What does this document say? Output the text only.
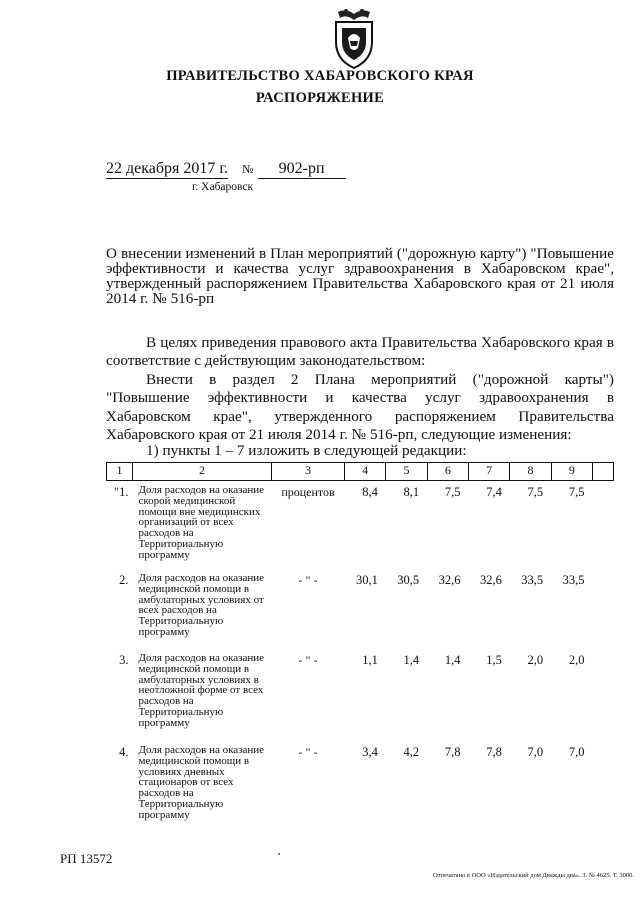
ПРАВИТЕЛЬСТВО ХАБАРОВСКОГО КРАЯ
РАСПОРЯЖЕНИЕ
22 декабря 2017 г. № 902-рп
г. Хабаровск
О внесении изменений в План мероприятий ("дорожную карту") "Повышение эффективности и качества услуг здравоохранения в Хабаровском крае", утвержденный распоряжением Правительства Хабаровского края от 21 июля 2014 г. № 516-рп
В целях приведения правового акта Правительства Хабаровского края в соответствие с действующим законодательством:
Внести в раздел 2 Плана мероприятий ("дорожной карты") "Повышение эффективности и качества услуг здравоохранения в Хабаровском крае", утвержденного распоряжением Правительства Хабаровского края от 21 июля 2014 г. № 516-рп, следующие изменения:
1) пункты 1 – 7 изложить в следующей редакции:
1	2	3	4	5	6	7	8	9	
"1.	Доля расходов на оказание скорой медицинской помощи вне медицинских организаций от всех расходов на Территориальную программу	процентов	8,4	8,1	7,5	7,4	7,5	7,5	
2.	Доля расходов на оказание медицинской помощи в амбулаторных условиях от всех расходов на Территориальную программу	- " -	30,1	30,5	32,6	32,6	33,5	33,5	
3.	Доля расходов на оказание медицинской помощи в амбулаторных условиях в неотложной форме от всех расходов на Территориальную программу	- " -	1,1	1,4	1,4	1,5	2,0	2,0	
4.	Доля расходов на оказание медицинской помощи в условиях дневных стационаров от всех расходов на Территориальную программу	- " -	3,4	4,2	7,8	7,8	7,0	7,0	
РП 13572
Отпечатано в ООО «Издательский дом Дважды два». З. № 4625. Т. 3000.
